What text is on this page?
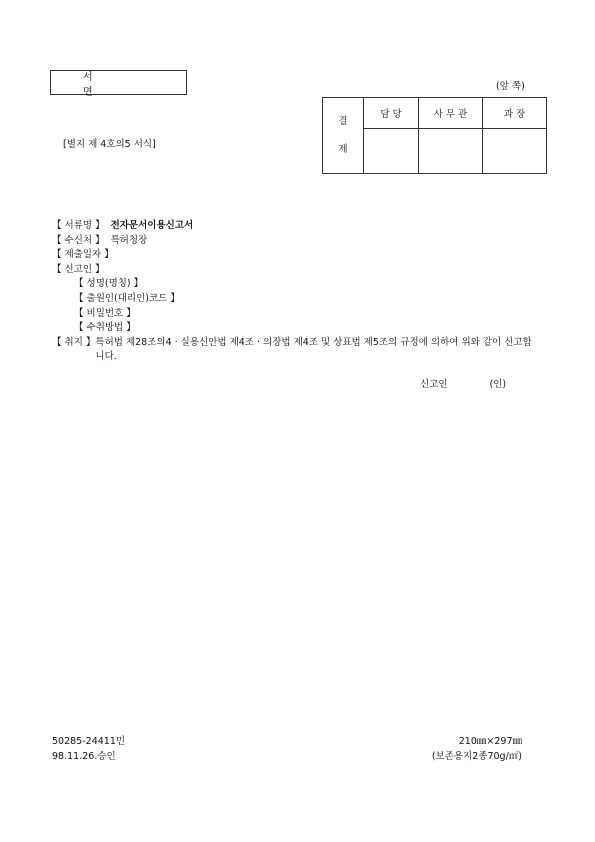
서 면	(앞 쪽)
결
제	담 당	사 무 관	과 장

[별지 제 4호의5 서식]
【 서류명 】 전자문서이용신고서
【 수신처 】 특허청장
【 제출일자 】
【 신고인 】
【 성명(명칭) 】
【 출원인(대리인)코드 】
【 비밀번호 】
【 수취방법 】
【 취지 】 특허법 제28조의4 · 실용신안법 제4조 · 의장법 제4조 및 상표법 제5조의 규정에 의하여 위와 같이 신고합니다.
신고인	(인)
50285-24411민
98.11.26.승인
210㎜×297㎜
(보존용지2종70g/㎡)
